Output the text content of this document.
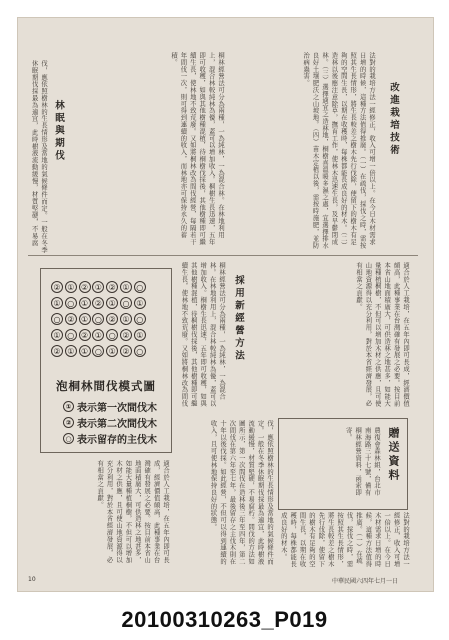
改進栽培技術
法對的栽培方法一經修正，收入可增一倍以上。在今日木材需求日增的時候，這種方法值得推廣。（一）在疏伐，採伐之時，需按照其生長情形，將生長較差之樹木先行伐除，使留下的樹木有足夠的空間生長，以期在收穫時，每株都能長成良好的材木。（二）造林以後應注意除草，撫育工作，使林木迅速生長，及早鬱閉成林。（三）選擇適宜之造林地，桐樹喜溫暖多濕之處，宜選擇排水良好土壤肥沃之山坡地。（四）苗木定植以後，需按時施肥，並防治病蟲害。
林眠與期伐
伐，應依照樹林的生長情形及當地的氣候條件而定。一般在冬季休眠期伐採最為適宜，此時樹液流動緩慢，材質堅硬，不易腐
桐林經營法可分為兩種，一為純林，一為混合林。在林地利用上，混合林較純林為優，蓋可以增加收入。桐樹生長迅速，五年即可收穫，如與其他樹種混植，待桐樹伐採後，其他樹種即可繼續生長，使林地不致荒廢。又如將桐林改為間伐經營，每隔若干年間伐一次，則可得到連續的收入，而林地亦可保持永久的蓄積。
採用新經營方法
桐林經營法可分為兩種，一為純林，一為混合林。在林地利用上，混合林較純林為優，蓋可以增加收入。桐樹生長迅速，五年即可收穫，如與其他樹種混植，待桐樹伐採後，其他樹種即可繼續生長，使林地不致荒廢。又如將桐林改為間伐	適合於人工栽培，在五年內即可長成，經濟價值頗高，此種事業在台灣確有發展之必要。按目前本省山地面積廣大，可供造林之地甚多，如能大量種植桐樹，不但可以增加木材之供應，且可使山地資源得以充分利用，對於本省經濟發展，必有相當之貢獻。
② ① ② ① ② ① ○
① ○ ① ② ① ○ ①
○ ② ① ○ ② ① ○
① ○ ② ① ○ ② ①
② ① ① ○ ① ② ○
泡桐林間伐模式圖
① 表示第一次間伐木
② 表示第二次間伐木
○ 表示留存的主伐木	伐，應依照樹林的生長情形及當地的氣候條件而定。一般在冬季休眠期伐採最為適宜，此時樹液流動緩慢，材質堅硬，不易腐朽。間伐的方法如圖所示，第一次間伐在造林後三年至四年，第二次間伐在第六年至七年，最後留存之主伐木則在十年以後伐採。如此經營，不但可以得到連續的收入，且可使林地保持良好的狀態。
適合於人工栽培，在五年內即可長成，經濟價值頗高，此種事業在台灣確有發展之必要。按目前本省山地面積廣大，可供造林之地甚多，如能大量種植桐樹，不但可以增加木材之供應，且可使山地資源得以充分利用，對於本省經濟發展，必有相當之貢獻。
贈送資料
農復會森林組，台北市南海路三十七號，備有桐林經營資料，函索即寄。
法對的栽培方法一經修正，收入可增一倍以上。在今日木材需求日增的時候，這種方法值得推廣。（一）在疏伐，採伐之時，需按照其生長情形，將生長較差之樹木先行伐除，使留下的樹木有足夠的空間生長，以期在收穫時，每株都能長成良好的材木。
10	中華民國六四年七月一日
20100310263_P019
